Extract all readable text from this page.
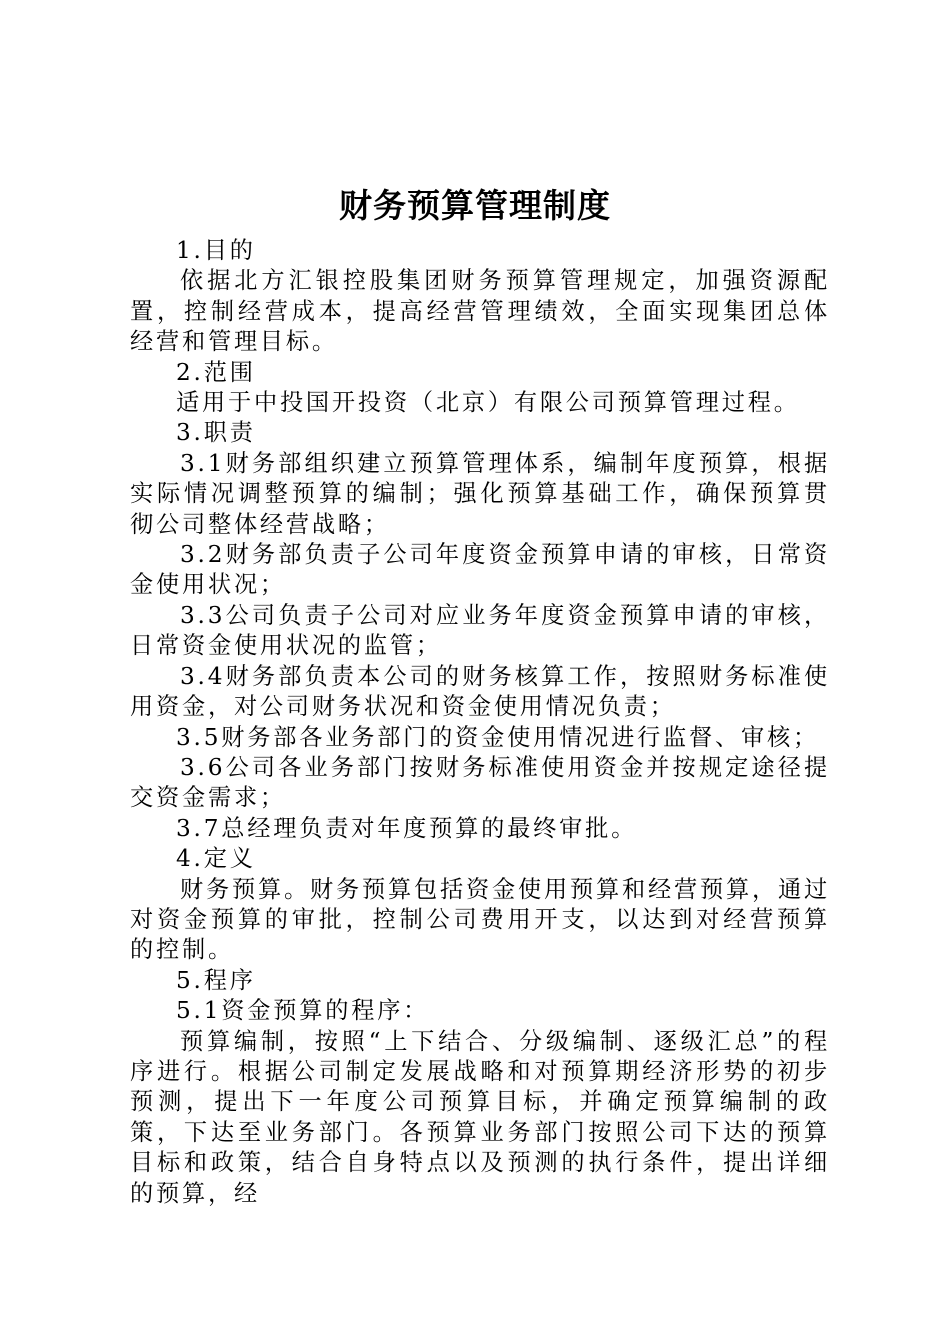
财务预算管理制度

1.目的

依据北方汇银控股集团财务预算管理规定，加强资源配置，控制经营成本，提高经营管理绩效，全面实现集团总体经营和管理目标。

2.范围

适用于中投国开投资（北京）有限公司预算管理过程。

3.职责

3.1财务部组织建立预算管理体系，编制年度预算，根据实际情况调整预算的编制；强化预算基础工作，确保预算贯彻公司整体经营战略；

3.2财务部负责子公司年度资金预算申请的审核，日常资金使用状况；

3.3公司负责子公司对应业务年度资金预算申请的审核，日常资金使用状况的监管；

3.4财务部负责本公司的财务核算工作，按照财务标准使用资金，对公司财务状况和资金使用情况负责；

3.5财务部各业务部门的资金使用情况进行监督、审核；

3.6公司各业务部门按财务标准使用资金并按规定途径提交资金需求；

3.7总经理负责对年度预算的最终审批。

4.定义

财务预算。财务预算包括资金使用预算和经营预算，通过对资金预算的审批，控制公司费用开支，以达到对经营预算的控制。

5.程序

5.1资金预算的程序：

预算编制，按照“上下结合、分级编制、逐级汇总”的程序进行。根据公司制定发展战略和对预算期经济形势的初步预测，提出下一年度公司预算目标，并确定预算编制的政策，下达至业务部门。各预算业务部门按照公司下达的预算目标和政策，结合自身特点以及预测的执行条件，提出详细的预算，经
